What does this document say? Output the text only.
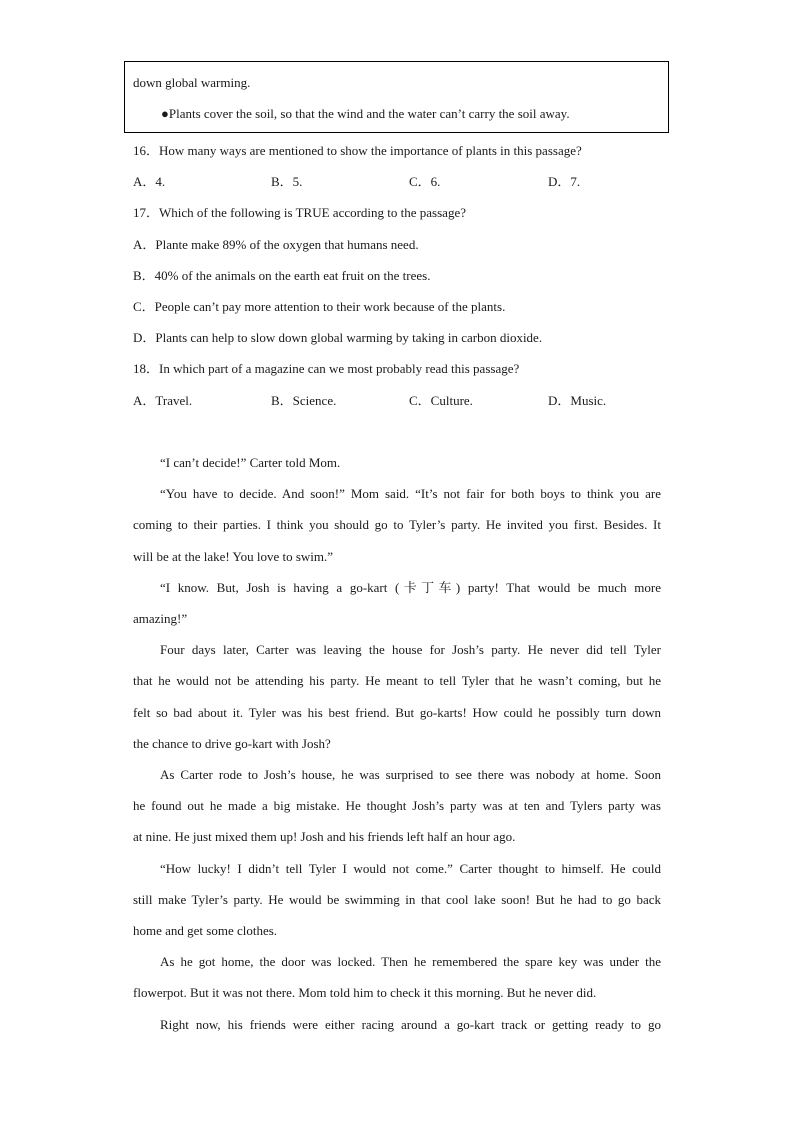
down global warming.
●Plants cover the soil, so that the wind and the water can’t carry the soil away.
16．How many ways are mentioned to show the importance of plants in this passage?
A．4.	B．5.	C．6.	D．7.
17．Which of the following is TRUE according to the passage?
A．Plante make 89% of the oxygen that humans need.
B．40% of the animals on the earth eat fruit on the trees.
C．People can’t pay more attention to their work because of the plants.
D．Plants can help to slow down global warming by taking in carbon dioxide.
18．In which part of a magazine can we most probably read this passage?
A．Travel.	B．Science.	C．Culture.	D．Music.
“I can’t decide!” Carter told Mom.
“You have to decide. And soon!” Mom said. “It’s not fair for both boys to think you are
coming to their parties. I think you should go to Tyler’s party. He invited you first. Besides. It
will be at the lake! You love to swim.”
“I know. But, Josh is having a go-kart (卡丁车) party! That would be much more
amazing!”
Four days later, Carter was leaving the house for Josh’s party. He never did tell Tyler
that he would not be attending his party. He meant to tell Tyler that he wasn’t coming, but he
felt so bad about it. Tyler was his best friend. But go-karts! How could he possibly turn down
the chance to drive go-kart with Josh?
As Carter rode to Josh’s house, he was surprised to see there was nobody at home. Soon
he found out he made a big mistake. He thought Josh’s party was at ten and Tylers party was
at nine. He just mixed them up! Josh and his friends left half an hour ago.
“How lucky! I didn’t tell Tyler I would not come.” Carter thought to himself. He could
still make Tyler’s party. He would be swimming in that cool lake soon! But he had to go back
home and get some clothes.
As he got home, the door was locked. Then he remembered the spare key was under the
flowerpot. But it was not there. Mom told him to check it this morning. But he never did.
Right now, his friends were either racing around a go-kart track or getting ready to go
